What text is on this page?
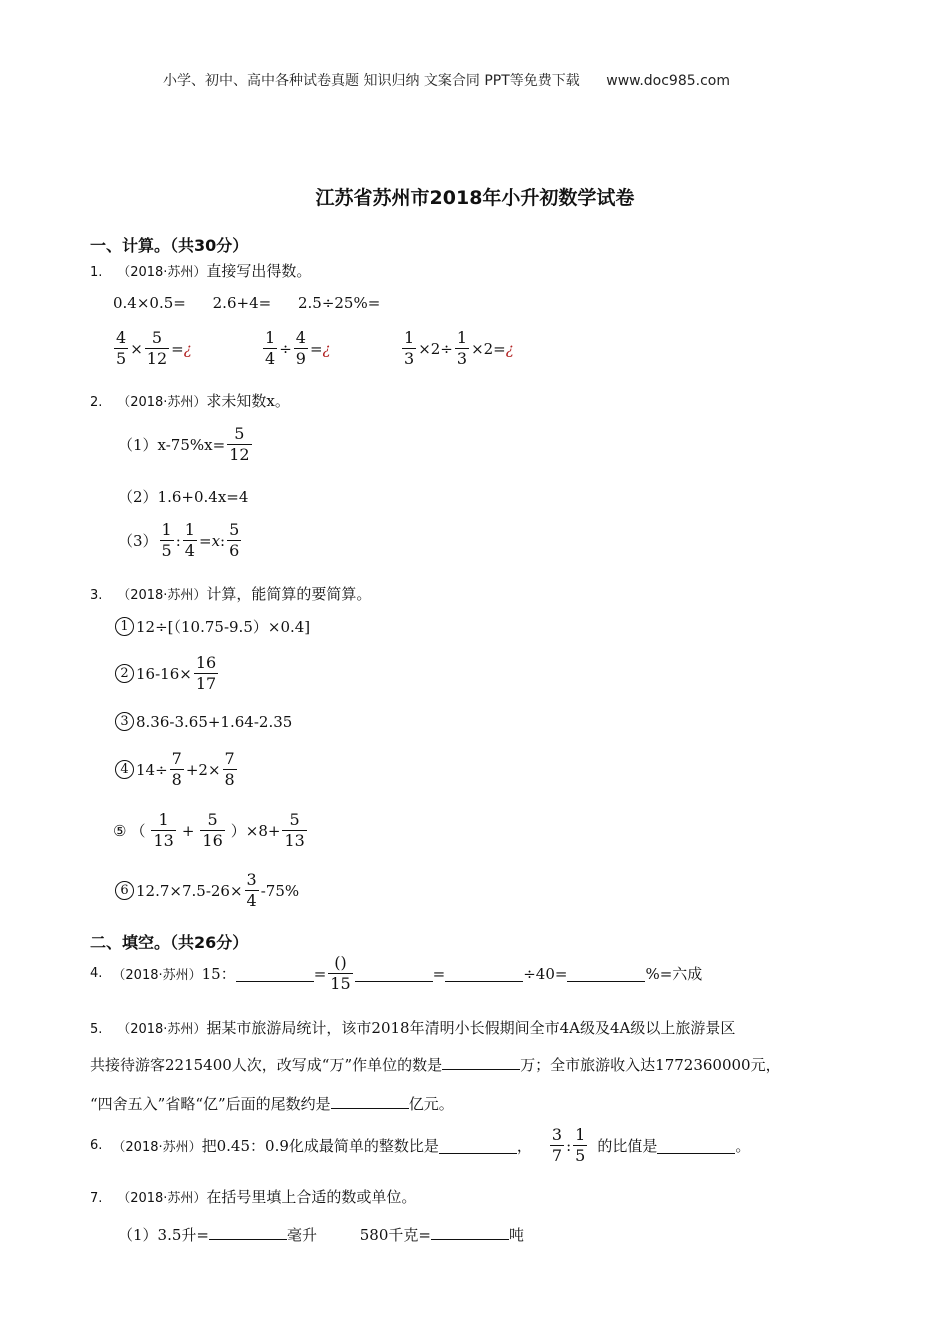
小学、初中、高中各种试卷真题 知识归纳 文案合同 PPT等免费下载 www.doc985.com
江苏省苏州市2018年小升初数学试卷
一、计算。（共30分）
1. （2018·苏州）直接写出得数。
0.4×0.5= 2.6+4= 2.5÷25%=
$\frac{4}{5} \times \frac{5}{12}$ = ¿	$\frac{1}{4} \div \frac{4}{9}$ = ¿	$\frac{1}{3} \times 2\div \frac{1}{3} \times 2=$ ¿
2. （2018·苏州）求未知数x。
$(1)x-75\%x= \frac{5}{12}$
（2）1.6+0.4x=4
$(3) \frac{1}{5}$ : $\frac{1}{4} = x$ : $\frac{5}{6}$
3. （2018·苏州）计算，能简算的要简算。
1 12÷[（10.75-9.5）×0.4]
2 $16-16\times \frac{16}{17}$
3 8.36-3.65+1.64-2.35
4 $14\div \frac{7}{8} +2\times \frac{7}{8}$
⑤ （ $\frac{1}{13} + \frac{5}{16} )\times 8+ \frac{5}{13}$
6 $12.7\times 7.5-26\times \frac{3}{4} -75\%$
二、填空。（共26分）
4. （2018·苏州） 15：	= $\frac{()}{15}$	=	÷40=	%=六成
5. （2018·苏州）据某市旅游局统计，该市2018年清明小长假期间全市4A级及4A级以上旅游景区
共接待游客2215400人次，改写成“万”作单位的数是	万；全市旅游收入达1772360000元，
“四舍五入”省略“亿”后面的尾数约是	亿元。
6. （2018·苏州） 把0.45：0.9化成最简单的整数比是	， $\frac{3}{7}$ : $\frac{1}{5}$ 的比值是	。
7. （2018·苏州）在括号里填上合适的数或单位。
（1）3.5升=	毫升	580千克=	吨
